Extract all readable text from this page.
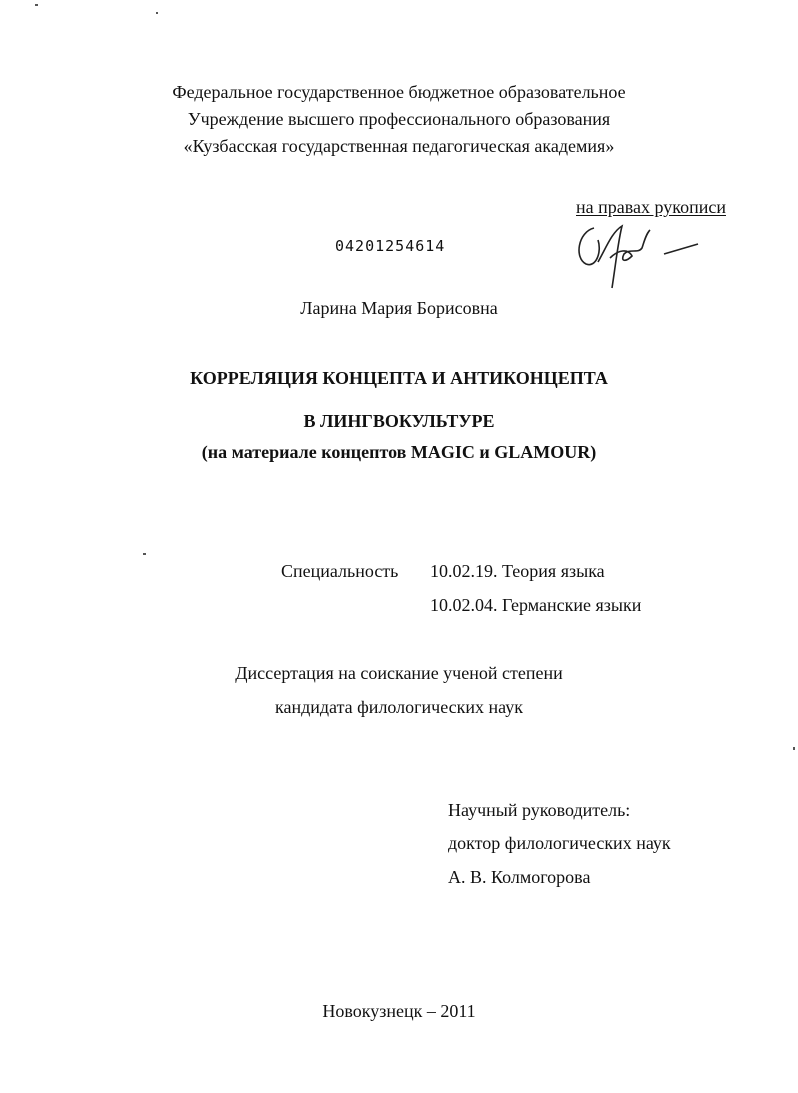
Федеральное государственное бюджетное образовательное
Учреждение высшего профессионального образования
«Кузбасская государственная педагогическая академия»
на правах рукописи
04201254614
Ларина Мария Борисовна
КОРРЕЛЯЦИЯ КОНЦЕПТА И АНТИКОНЦЕПТА
В ЛИНГВОКУЛЬТУРЕ
(на материале концептов MAGIC и GLAMOUR)
Специальность 10.02.19. Теория языка
10.02.04. Германские языки
Диссертация на соискание ученой степени
кандидата филологических наук
Научный руководитель:
доктор филологических наук
А. В. Колмогорова
Новокузнецк – 2011
